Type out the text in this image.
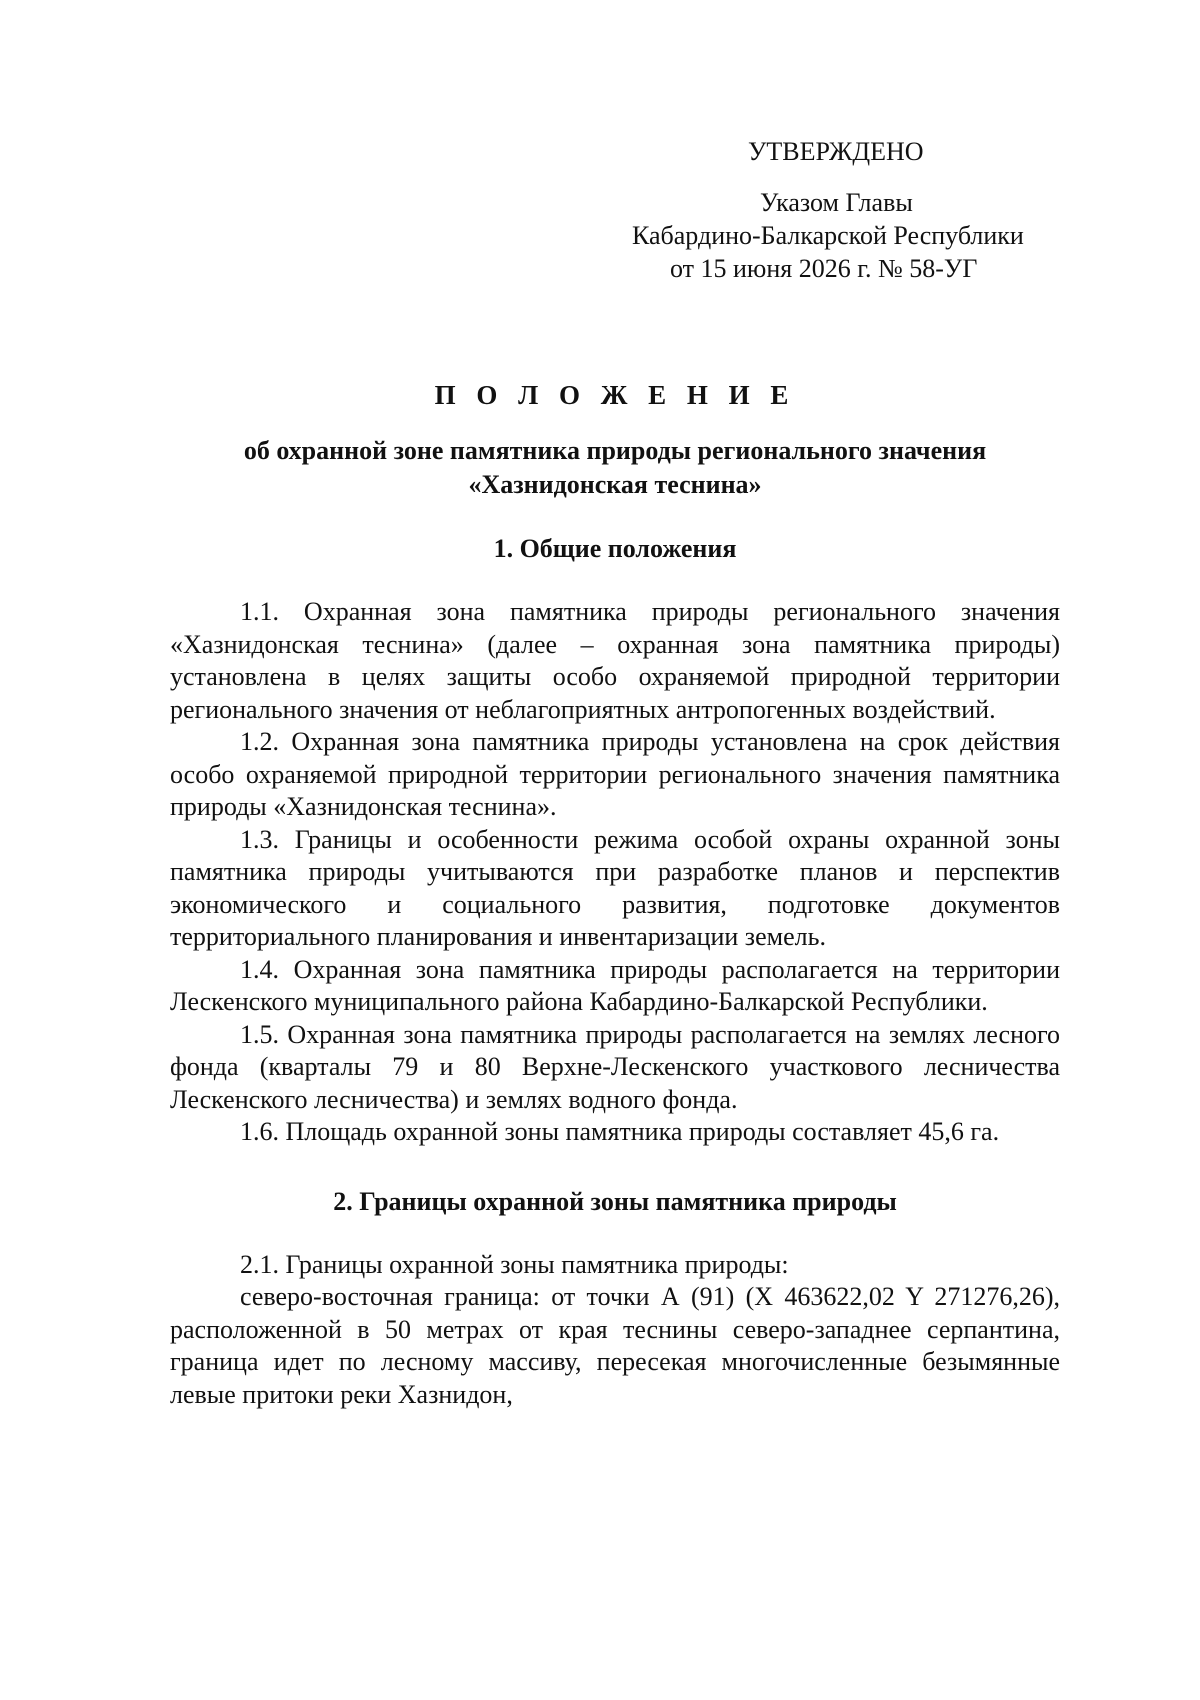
УТВЕРЖДЕНО
Указом Главы
Кабардино-Балкарской Республики
от 15 июня 2026 г. № 58-УГ
П О Л О Ж Е Н И Е
об охранной зоне памятника природы регионального значения
«Хазнидонская теснина»
1. Общие положения

1.1. Охранная зона памятника природы регионального значения «Хазнидонская теснина» (далее – охранная зона памятника природы) установлена в целях защиты особо охраняемой природной территории регионального значения от неблагоприятных антропогенных воздействий.

1.2. Охранная зона памятника природы установлена на срок действия особо охраняемой природной территории регионального значения памятника природы «Хазнидонская теснина».

1.3. Границы и особенности режима особой охраны охранной зоны памятника природы учитываются при разработке планов и перспектив экономического и социального развития, подготовке документов территориального планирования и инвентаризации земель.

1.4. Охранная зона памятника природы располагается на территории Лескенского муниципального района Кабардино-Балкарской Республики.

1.5. Охранная зона памятника природы располагается на землях лесного фонда (кварталы 79 и 80 Верхне-Лескенского участкового лесничества Лескенского лесничества) и землях водного фонда.

1.6. Площадь охранной зоны памятника природы составляет 45,6 га.

2. Границы охранной зоны памятника природы

2.1. Границы охранной зоны памятника природы:

северо-восточная граница: от точки А (91) (X 463622,02 Y 271276,26), расположенной в 50 метрах от края теснины северо-западнее серпантина, граница идет по лесному массиву, пересекая многочисленные безымянные левые притоки реки Хазнидон,
